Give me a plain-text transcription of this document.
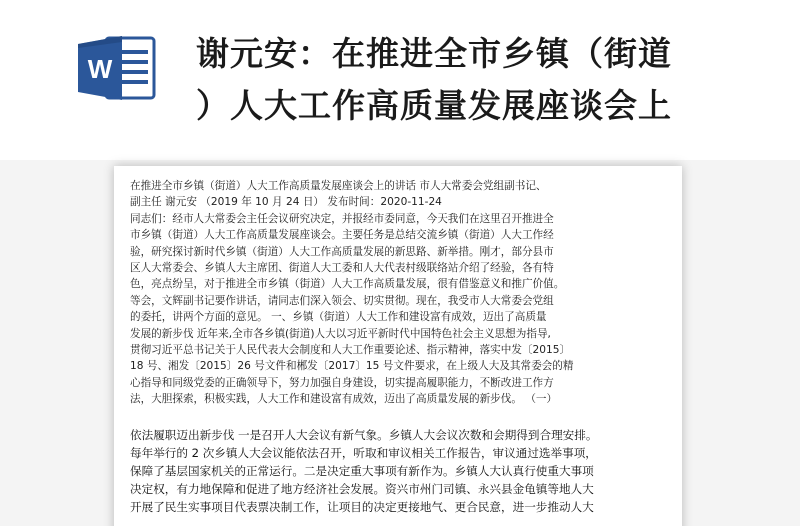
W	谢元安：在推进全市乡镇（街道
）人大工作高质量发展座谈会上
在推进全市乡镇（街道）人大工作高质量发展座谈会上的讲话 市人大常委会党组副书记、
副主任 谢元安 （2019 年 10 月 24 日） 发布时间：2020-11-24
同志们：经市人大常委会主任会议研究决定，并报经市委同意，今天我们在这里召开推进全
市乡镇（街道）人大工作高质量发展座谈会。主要任务是总结交流乡镇（街道）人大工作经
验，研究探讨新时代乡镇（街道）人大工作高质量发展的新思路、新举措。刚才，部分县市
区人大常委会、乡镇人大主席团、街道人大工委和人大代表村级联络站介绍了经验，各有特
色，亮点纷呈，对于推进全市乡镇（街道）人大工作高质量发展，很有借鉴意义和推广价值。
等会，文辉副书记要作讲话，请同志们深入领会、切实贯彻。现在，我受市人大常委会党组
的委托，讲两个方面的意见。 一、乡镇（街道）人大工作和建设富有成效，迈出了高质量
发展的新步伐 近年来,全市各乡镇(街道)人大以习近平新时代中国特色社会主义思想为指导,
贯彻习近平总书记关于人民代表大会制度和人大工作重要论述、指示精神，落实中发〔2015〕
18 号、湘发〔2015〕26 号文件和郴发〔2017〕15 号文件要求，在上级人大及其常委会的精
心指导和同级党委的正确领导下，努力加强自身建设，切实提高履职能力，不断改进工作方
法，大胆探索，积极实践，人大工作和建设富有成效，迈出了高质量发展的新步伐。 （一）
依法履职迈出新步伐 一是召开人大会议有新气象。乡镇人大会议次数和会期得到合理安排。
每年举行的 2 次乡镇人大会议能依法召开，听取和审议相关工作报告，审议通过选举事项，
保障了基层国家机关的正常运行。二是决定重大事项有新作为。乡镇人大认真行使重大事项
决定权，有力地保障和促进了地方经济社会发展。资兴市州门司镇、永兴县金龟镇等地人大
开展了民生实事项目代表票决制工作，让项目的决定更接地气、更合民意，进一步推动人大
